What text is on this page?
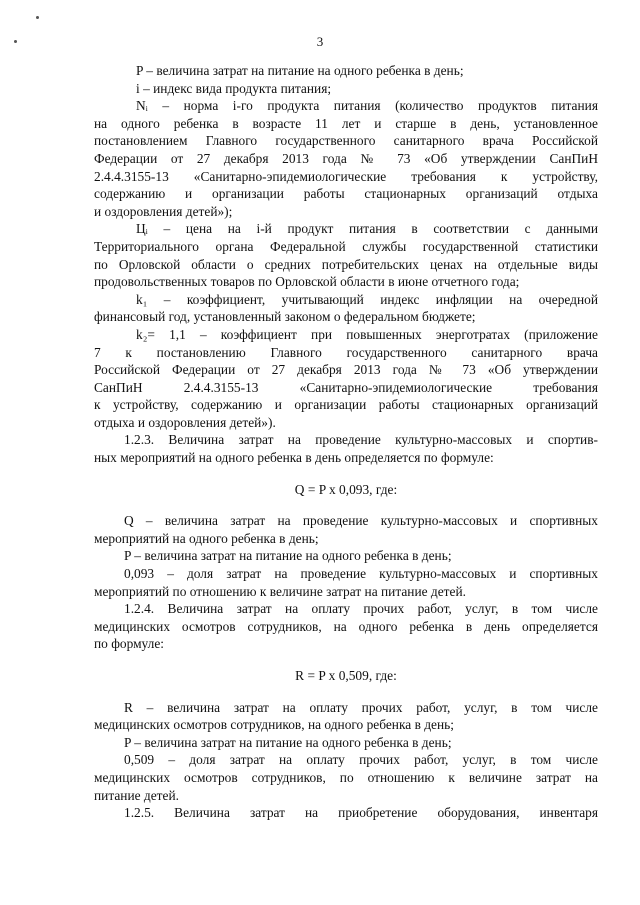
3
P – величина затрат на питание на одного ребенка в день;
i – индекс вида продукта питания;
Nᵢ – норма i-го продукта питания (количество продуктов питания
на одного ребенка в возрасте 11 лет и старше в день, установленное
постановлением Главного государственного санитарного врача Российской
Федерации от 27 декабря 2013 года № 73 «Об утверждении СанПиН
2.4.4.3155-13 «Санитарно-эпидемиологические требования к устройству,
содержанию и организации работы стационарных организаций отдыха
и оздоровления детей»);
Цᵢ – цена на i-й продукт питания в соответствии с данными
Территориального органа Федеральной службы государственной статистики
по Орловской области о средних потребительских ценах на отдельные виды
продовольственных товаров по Орловской области в июне отчетного года;
k₁ – коэффициент, учитывающий индекс инфляции на очередной
финансовый год, установленный законом о федеральном бюджете;
k₂= 1,1 – коэффициент при повышенных энерготратах (приложение
7 к постановлению Главного государственного санитарного врача
Российской Федерации от 27 декабря 2013 года № 73 «Об утверждении
СанПиН 2.4.4.3155-13 «Санитарно-эпидемиологические требования
к устройству, содержанию и организации работы стационарных организаций
отдыха и оздоровления детей»).
1.2.3. Величина затрат на проведение культурно-массовых и спортив-
ных мероприятий на одного ребенка в день определяется по формуле:
Q = P x 0,093, где:
Q – величина затрат на проведение культурно-массовых и спортивных
мероприятий на одного ребенка в день;
P – величина затрат на питание на одного ребенка в день;
0,093 – доля затрат на проведение культурно-массовых и спортивных
мероприятий по отношению к величине затрат на питание детей.
1.2.4. Величина затрат на оплату прочих работ, услуг, в том числе
медицинских осмотров сотрудников, на одного ребенка в день определяется
по формуле:
R = P x 0,509, где:
R – величина затрат на оплату прочих работ, услуг, в том числе
медицинских осмотров сотрудников, на одного ребенка в день;
P – величина затрат на питание на одного ребенка в день;
0,509 – доля затрат на оплату прочих работ, услуг, в том числе
медицинских осмотров сотрудников, по отношению к величине затрат на
питание детей.
1.2.5. Величина затрат на приобретение оборудования, инвентаря
